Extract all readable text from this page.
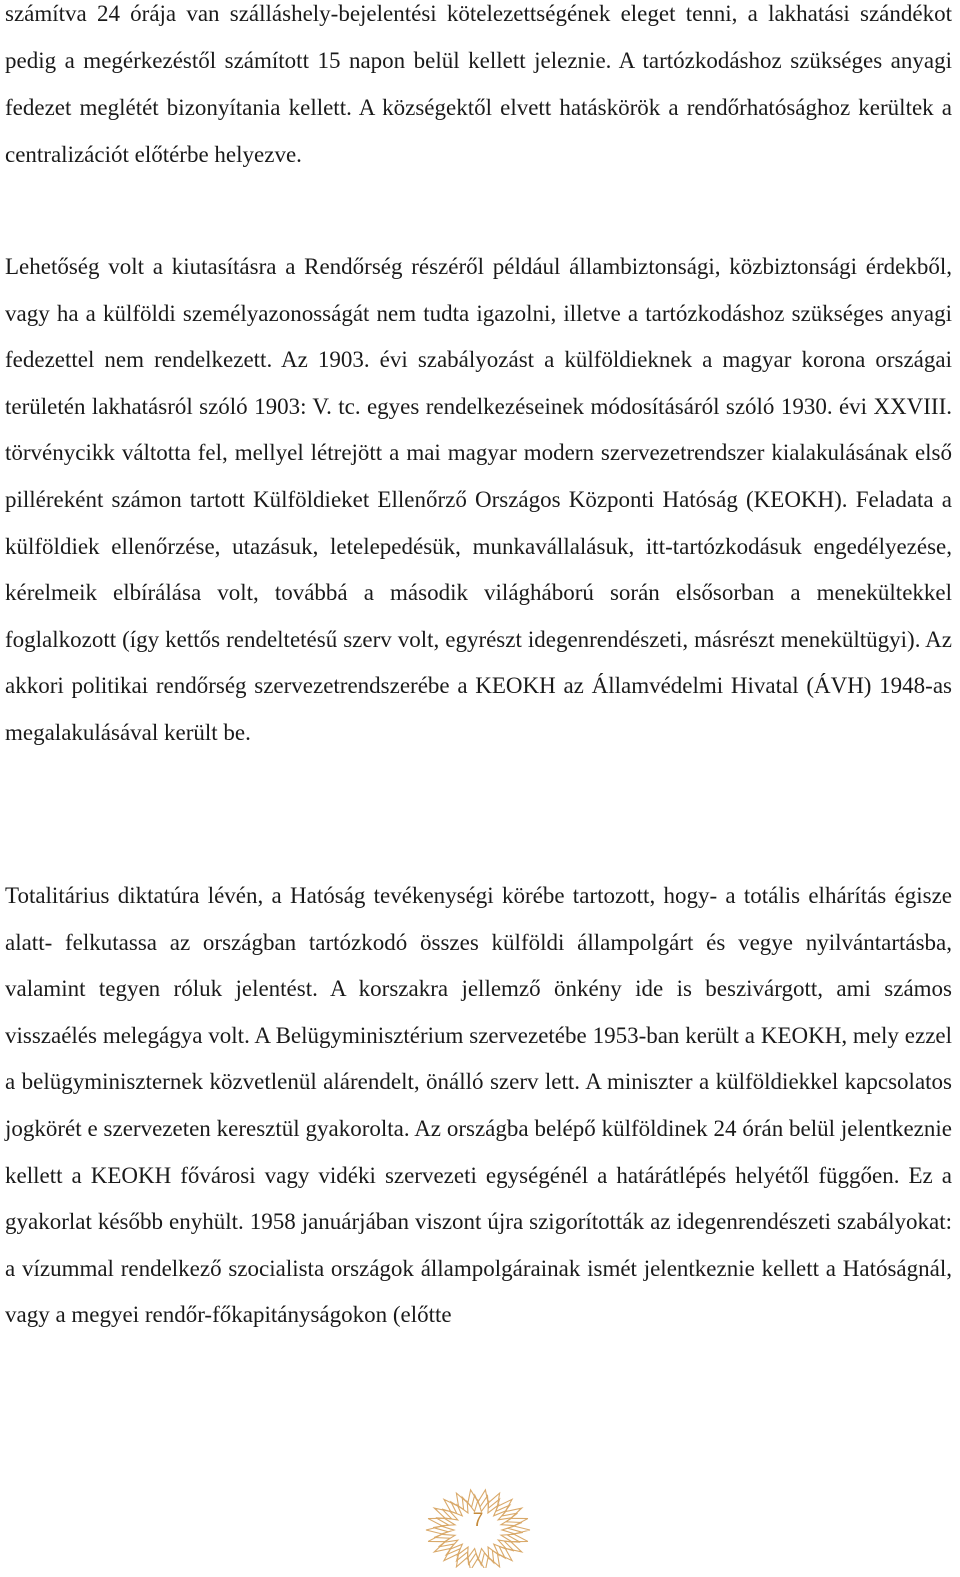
számítva 24 órája van szálláshely-bejelentési kötelezettségének eleget tenni, a lakhatási szándékot pedig a megérkezéstől számított 15 napon belül kellett jeleznie. A tartózkodáshoz szükséges anyagi fedezet meglétét bizonyítania kellett. A községektől elvett hatáskörök a rendőrhatósághoz kerültek a centralizációt előtérbe helyezve.

Lehetőség volt a kiutasításra a Rendőrség részéről például állambiztonsági, közbiztonsági érdekből, vagy ha a külföldi személyazonosságát nem tudta igazolni, illetve a tartózkodáshoz szükséges anyagi fedezettel nem rendelkezett. Az 1903. évi szabályozást a külföldieknek a magyar korona országai területén lakhatásról szóló 1903: V. tc. egyes rendelkezéseinek módosításáról szóló 1930. évi XXVIII. törvénycikk váltotta fel, mellyel létrejött a mai magyar modern szervezetrendszer kialakulásának első pilléreként számon tartott Külföldieket Ellenőrző Országos Központi Hatóság (KEOKH). Feladata a külföldiek ellenőrzése, utazásuk, letelepedésük, munkavállalásuk, itt-tartózkodásuk engedélyezése, kérelmeik elbírálása volt, továbbá a második világháború során elsősorban a menekültekkel foglalkozott (így kettős rendeltetésű szerv volt, egyrészt idegenrendészeti, másrészt menekültügyi). Az akkori politikai rendőrség szervezetrendszerébe a KEOKH az Államvédelmi Hivatal (ÁVH) 1948-as megalakulásával került be.

Totalitárius diktatúra lévén, a Hatóság tevékenységi körébe tartozott, hogy- a totális elhárítás égisze alatt- felkutassa az országban tartózkodó összes külföldi állampolgárt és vegye nyilvántartásba, valamint tegyen róluk jelentést. A korszakra jellemző önkény ide is beszivárgott, ami számos visszaélés melegágya volt. A Belügyminisztérium szervezetébe 1953-ban került a KEOKH, mely ezzel a belügyminiszternek közvetlenül alárendelt, önálló szerv lett. A miniszter a külföldiekkel kapcsolatos jogkörét e szervezeten keresztül gyakorolta. Az országba belépő külföldinek 24 órán belül jelentkeznie kellett a KEOKH fővárosi vagy vidéki szervezeti egységénél a határátlépés helyétől függően. Ez a gyakorlat később enyhült. 1958 januárjában viszont újra szigorították az idegenrendészeti szabályokat: a vízummal rendelkező szocialista országok állampolgárainak ismét jelentkeznie kellett a Hatóságnál, vagy a megyei rendőr-főkapitányságokon (előtte

7
